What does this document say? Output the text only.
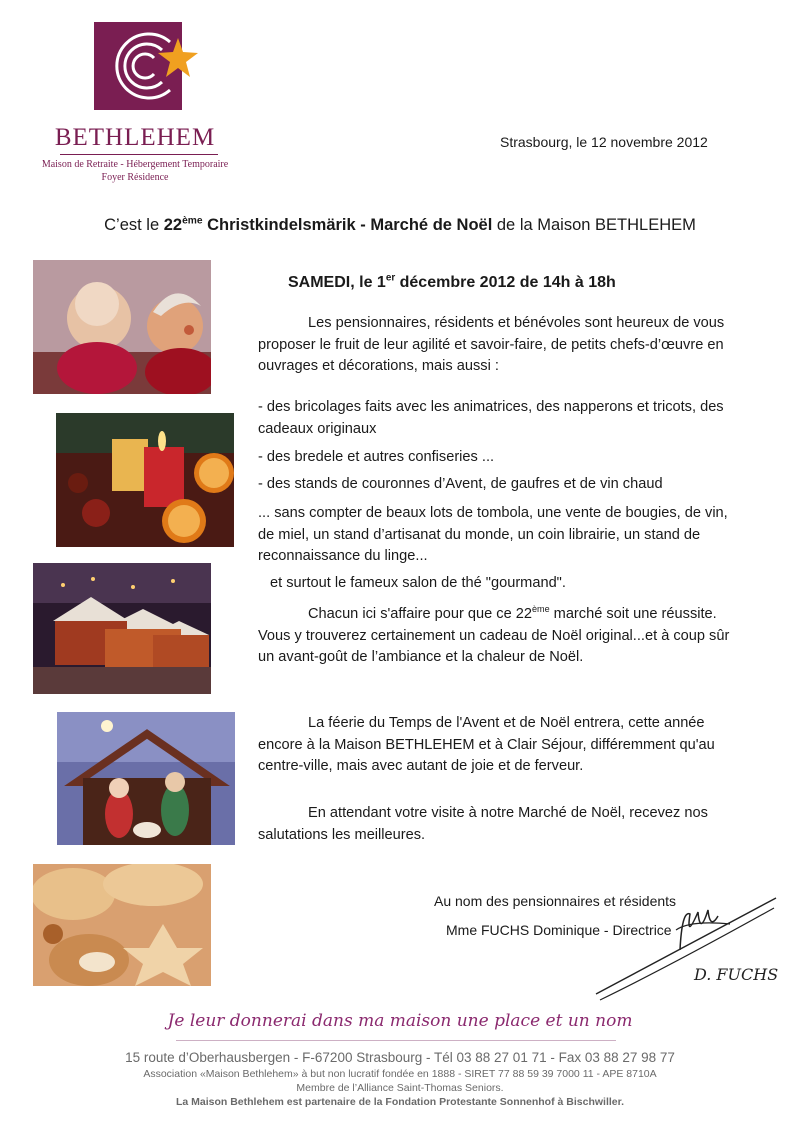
BETHLEHEM
Maison de Retraite - Hébergement Temporaire
Foyer Résidence
Strasbourg, le 12 novembre 2012
C’est le 22ème Christkindelsmärik - Marché de Noël de la Maison BETHLEHEM
SAMEDI, le 1er décembre 2012 de 14h à 18h
Les pensionnaires, résidents et bénévoles sont heureux de vous proposer le fruit de leur agilité et savoir-faire, de petits chefs-d’œuvre en ouvrages et décorations, mais aussi :
- des bricolages faits avec les animatrices, des napperons et tricots, des cadeaux originaux
- des bredele et autres confiseries ...
- des stands de couronnes d’Avent, de gaufres et de vin chaud
... sans compter de beaux lots de tombola, une vente de bougies, de vin, de miel, un stand d’artisanat du monde, un coin librairie, un stand de reconnaissance du linge...
et surtout le fameux salon de thé "gourmand".
Chacun ici s'affaire pour que ce 22ème marché soit une réussite. Vous y trouverez certainement un cadeau de Noël original...et à coup sûr un avant-goût de l’ambiance et la chaleur de Noël.
La féerie du Temps de l'Avent et de Noël entrera, cette année encore à la Maison BETHLEHEM et à Clair Séjour, différemment qu'au centre-ville, mais avec autant de joie et de ferveur.
En attendant votre visite à notre Marché de Noël, recevez nos salutations les meilleures.
Au nom des pensionnaires et résidents
Mme FUCHS Dominique - Directrice
D. FUCHS
Je leur donnerai dans ma maison une place et un nom
15 route d’Oberhausbergen - F-67200 Strasbourg - Tél 03 88 27 01 71 - Fax 03 88 27 98 77
Association «Maison Bethlehem» à but non lucratif fondée en 1888 - SIRET 77 88 59 39 7000 11 - APE 8710A
Membre de l’Alliance Saint-Thomas Seniors.
La Maison Bethlehem est partenaire de la Fondation Protestante Sonnenhof à Bischwiller.
